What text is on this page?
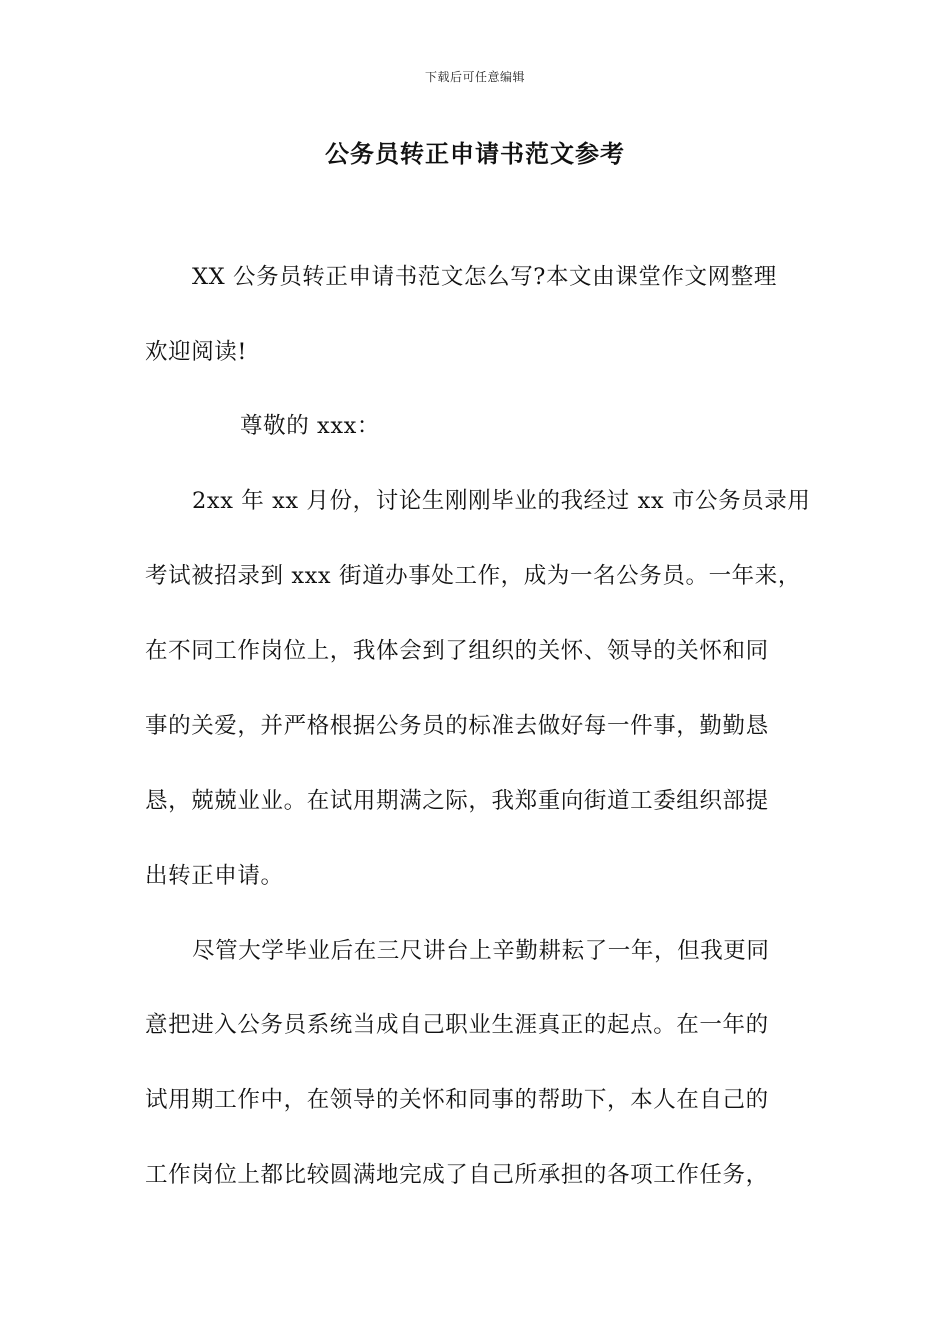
下载后可任意编辑
公务员转正申请书范文参考
XX 公务员转正申请书范文怎么写?本文由课堂作文网整理
欢迎阅读!
尊敬的 xxx：
2xx 年 xx 月份，讨论生刚刚毕业的我经过 xx 市公务员录用
考试被招录到 xxx 街道办事处工作，成为一名公务员。一年来，
在不同工作岗位上，我体会到了组织的关怀、领导的关怀和同
事的关爱，并严格根据公务员的标准去做好每一件事，勤勤恳
恳，兢兢业业。在试用期满之际，我郑重向街道工委组织部提
出转正申请。
尽管大学毕业后在三尺讲台上辛勤耕耘了一年，但我更同
意把进入公务员系统当成自己职业生涯真正的起点。在一年的
试用期工作中，在领导的关怀和同事的帮助下，本人在自己的
工作岗位上都比较圆满地完成了自己所承担的各项工作任务，
